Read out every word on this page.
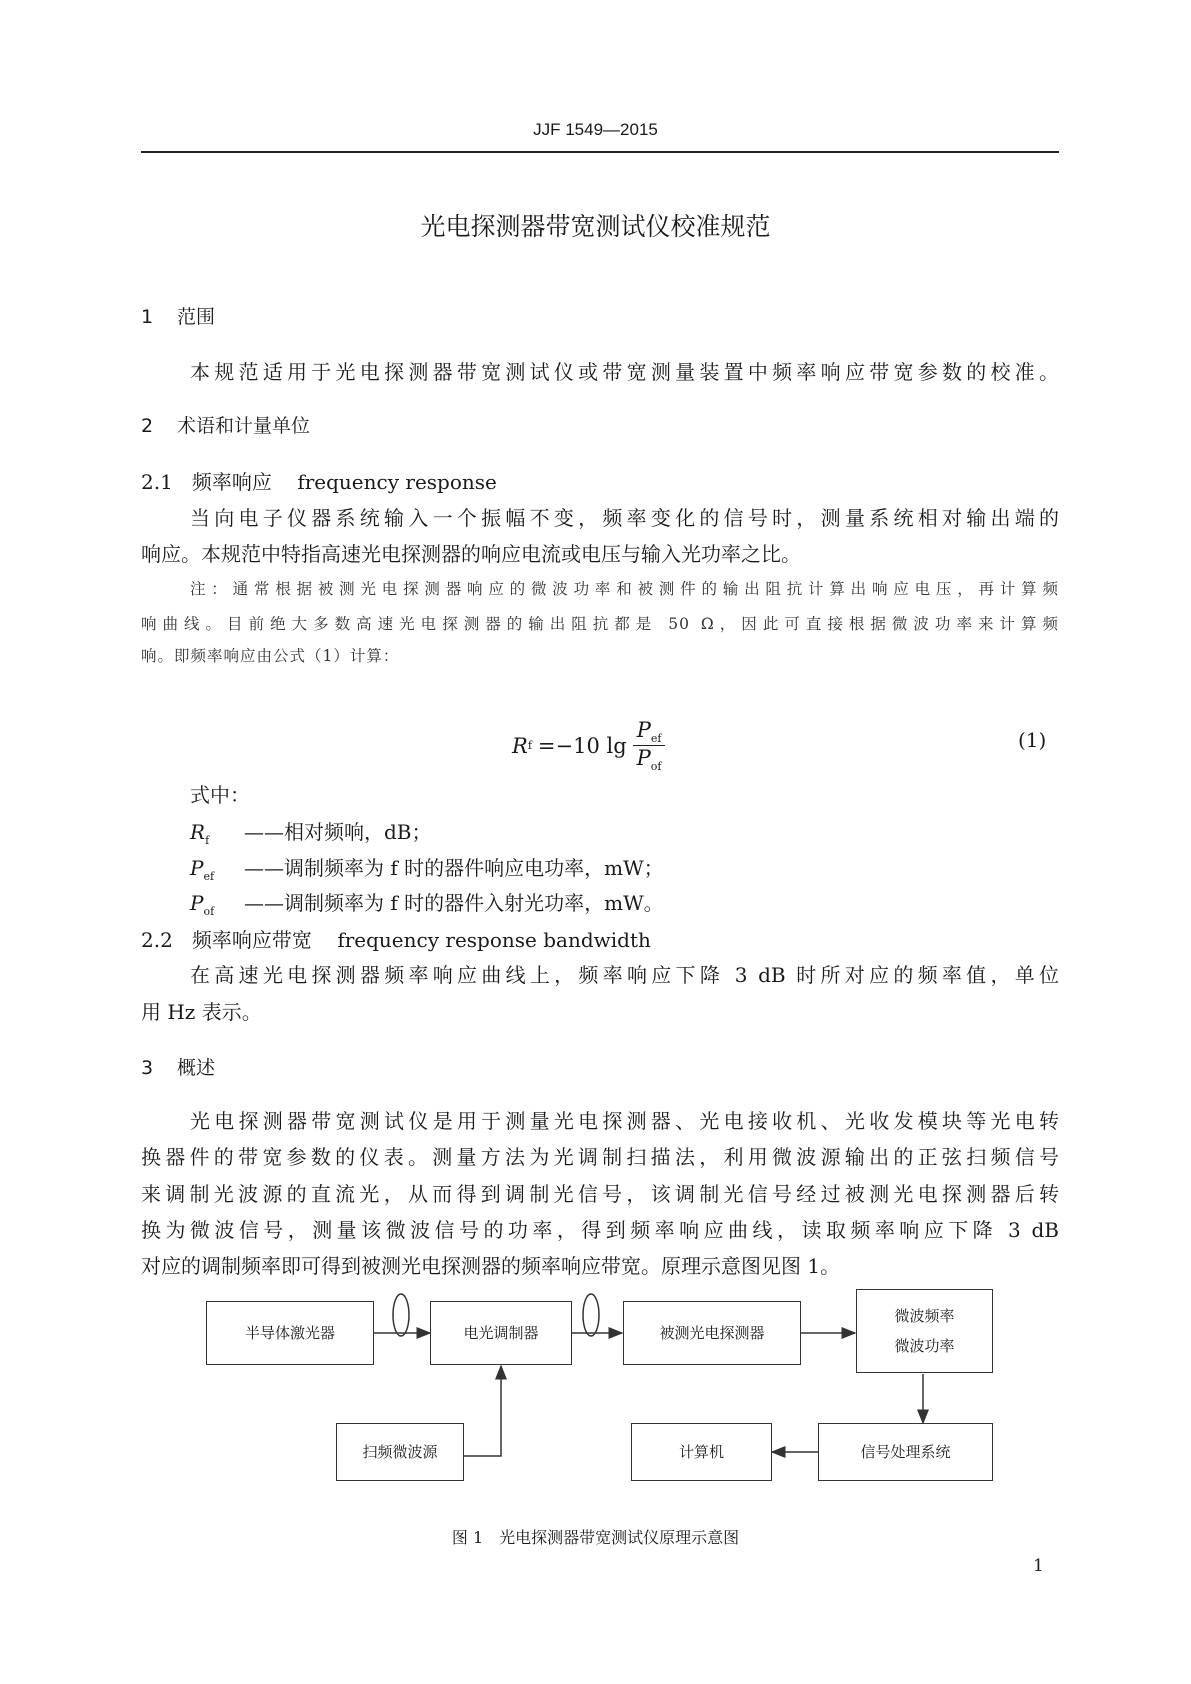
JJF 1549—2015
光电探测器带宽测试仪校准规范
1 范围
本规范适用于光电探测器带宽测试仪或带宽测量装置中频率响应带宽参数的校准。
2 术语和计量单位
2.1 频率响应 frequency response
当向电子仪器系统输入一个振幅不变，频率变化的信号时，测量系统相对输出端的
响应。本规范中特指高速光电探测器的响应电流或电压与输入光功率之比。
注：通常根据被测光电探测器响应的微波功率和被测件的输出阻抗计算出响应电压，再计算频
响曲线。目前绝大多数高速光电探测器的输出阻抗都是 50 Ω，因此可直接根据微波功率来计算频
响。即频率响应由公式（1）计算：
R f =−10 lg
$P_{ef}$
$P_{of}$
(1)
式中：
$R_f$ ——相对频响，dB；
$P_{ef}$ ——调制频率为 f 时的器件响应电功率，mW；
$P_{of}$ ——调制频率为 f 时的器件入射光功率，mW。
2.2 频率响应带宽 frequency response bandwidth
在高速光电探测器频率响应曲线上，频率响应下降 3 dB 时所对应的频率值，单位
用 Hz 表示。
3 概述
光电探测器带宽测试仪是用于测量光电探测器、光电接收机、光收发模块等光电转
换器件的带宽参数的仪表。测量方法为光调制扫描法，利用微波源输出的正弦扫频信号
来调制光波源的直流光，从而得到调制光信号，该调制光信号经过被测光电探测器后转
换为微波信号，测量该微波信号的功率，得到频率响应曲线，读取频率响应下降 3 dB
对应的调制频率即可得到被测光电探测器的频率响应带宽。原理示意图见图 1。
半导体激光器	电光调制器	被测光电探测器
微波频率
微波功率
扫频微波源	计算机	信号处理系统
图 1　光电探测器带宽测试仪原理示意图
1
